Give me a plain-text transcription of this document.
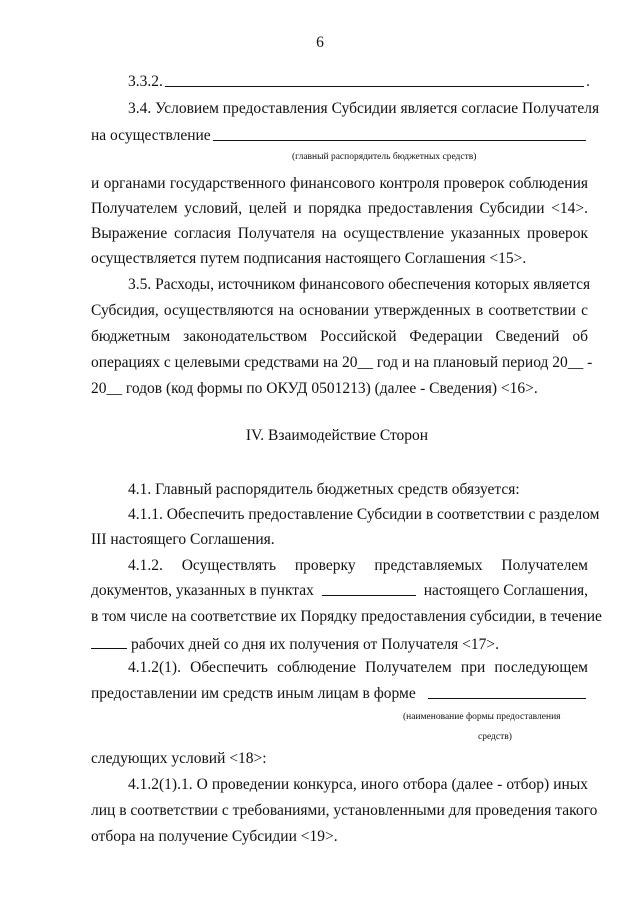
6
3.3.2.	.
3.4. Условием предоставления Субсидии является согласие Получателя
на осуществление
(главный распорядитель бюджетных средств)
и органами государственного финансового контроля проверок соблюдения
Получателем условий, целей и порядка предоставления Субсидии <14>.
Выражение согласия Получателя на осуществление указанных проверок
осуществляется путем подписания настоящего Соглашения <15>.
3.5. Расходы, источником финансового обеспечения которых является
Субсидия, осуществляются на основании утвержденных в соответствии с
бюджетным законодательством Российской Федерации Сведений об
операциях с целевыми средствами на 20__ год и на плановый период 20__ -
20__ годов (код формы по ОКУД 0501213) (далее - Сведения) <16>.
IV. Взаимодействие Сторон
4.1. Главный распорядитель бюджетных средств обязуется:
4.1.1. Обеспечить предоставление Субсидии в соответствии с разделом
III настоящего Соглашения.
4.1.2. Осуществлять проверку представляемых Получателем
документов, указанных в пунктах	настоящего Соглашения,
в том числе на соответствие их Порядку предоставления субсидии, в течение
рабочих дней со дня их получения от Получателя <17>.
4.1.2(1). Обеспечить соблюдение Получателем при последующем
предоставлении им средств иным лицам в форме
(наименование формы предоставления
средств)
следующих условий <18>:
4.1.2(1).1. О проведении конкурса, иного отбора (далее - отбор) иных
лиц в соответствии с требованиями, установленными для проведения такого
отбора на получение Субсидии <19>.
